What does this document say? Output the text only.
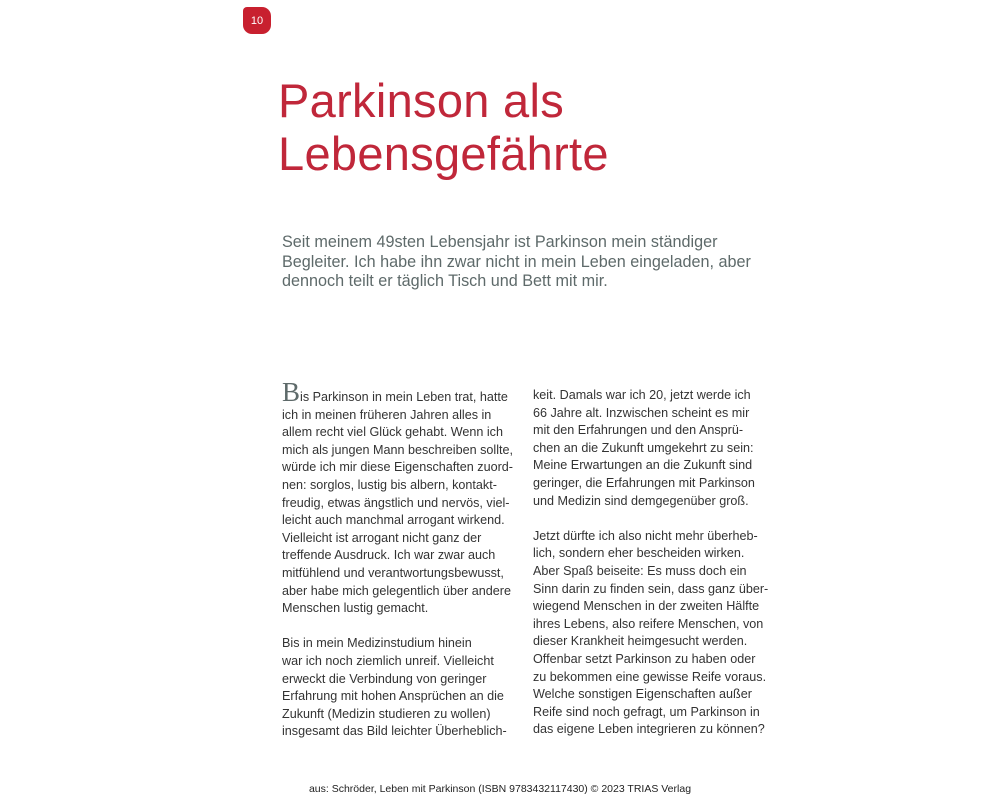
10
Parkinson als
Lebensgefährte
Seit meinem 49sten Lebensjahr ist Parkinson mein ständiger
Begleiter. Ich habe ihn zwar nicht in mein Leben eingeladen, aber
dennoch teilt er täglich Tisch und Bett mit mir.
Bis Parkinson in mein Leben trat, hatte
ich in meinen früheren Jahren alles in
allem recht viel Glück gehabt. Wenn ich
mich als jungen Mann beschreiben sollte,
würde ich mir diese Eigenschaften zuord-
nen: sorglos, lustig bis albern, kontakt-
freudig, etwas ängstlich und nervös, viel-
leicht auch manchmal arrogant wirkend.
Vielleicht ist arrogant nicht ganz der
treffende Ausdruck. Ich war zwar auch
mitfühlend und verantwortungsbewusst,
aber habe mich gelegentlich über andere
Menschen lustig gemacht.
Bis in mein Medizinstudium hinein
war ich noch ziemlich unreif. Vielleicht
erweckt die Verbindung von geringer
Erfahrung mit hohen Ansprüchen an die
Zukunft (Medizin studieren zu wollen)
insgesamt das Bild leichter Überheblich-
keit. Damals war ich 20, jetzt werde ich
66 Jahre alt. Inzwischen scheint es mir
mit den Erfahrungen und den Ansprü-
chen an die Zukunft umgekehrt zu sein:
Meine Erwartungen an die Zukunft sind
geringer, die Erfahrungen mit Parkinson
und Medizin sind demgegenüber groß.
Jetzt dürfte ich also nicht mehr überheb-
lich, sondern eher bescheiden wirken.
Aber Spaß beiseite: Es muss doch ein
Sinn darin zu finden sein, dass ganz über-
wiegend Menschen in der zweiten Hälfte
ihres Lebens, also reifere Menschen, von
dieser Krankheit heimgesucht werden.
Offenbar setzt Parkinson zu haben oder
zu bekommen eine gewisse Reife voraus.
Welche sonstigen Eigenschaften außer
Reife sind noch gefragt, um Parkinson in
das eigene Leben integrieren zu können?
aus: Schröder, Leben mit Parkinson (ISBN 9783432117430) © 2023 TRIAS Verlag
